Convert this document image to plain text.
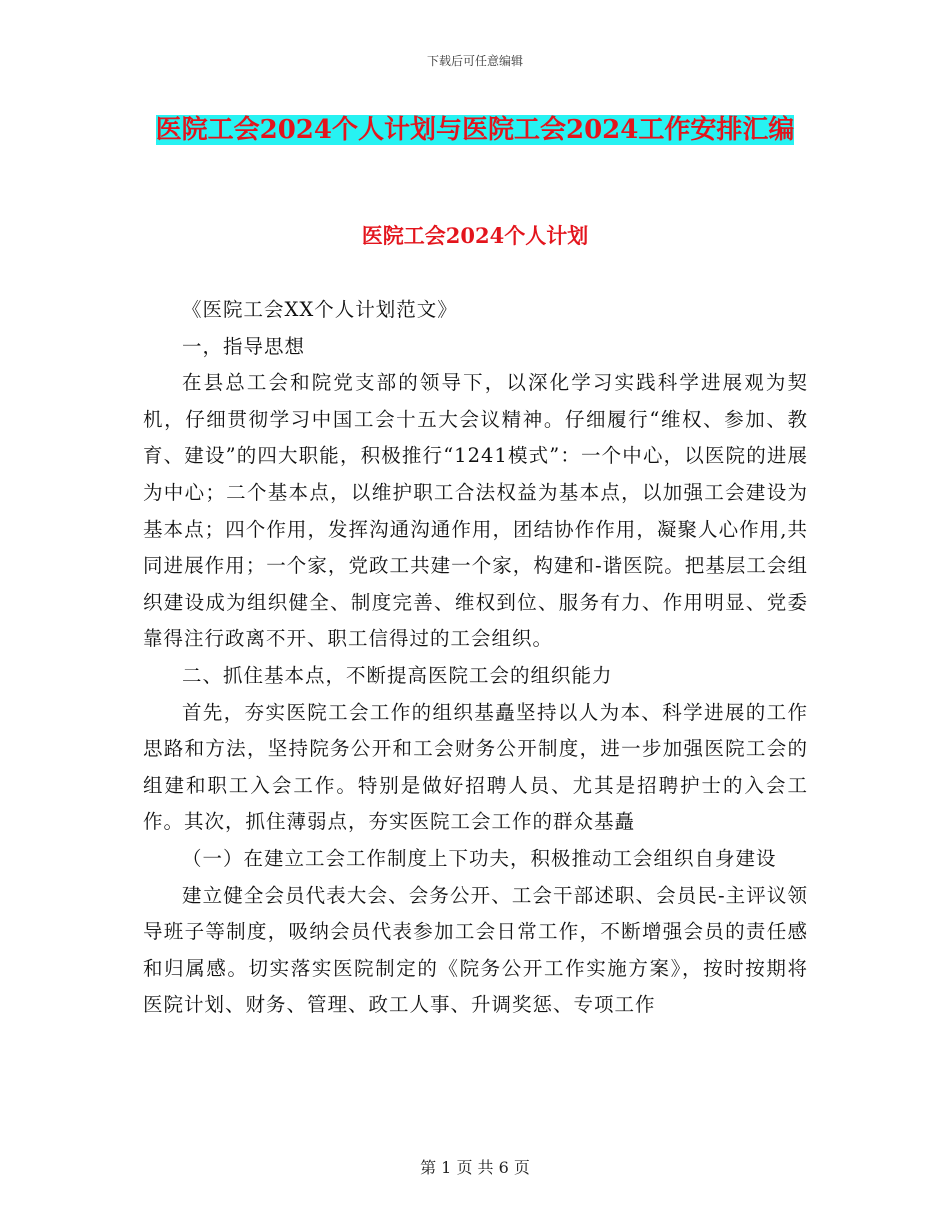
下载后可任意编辑
医院工会2024个人计划与医院工会2024工作安排汇编
医院工会2024个人计划

《医院工会XX个人计划范文》

一，指导思想

在县总工会和院党支部的领导下，以深化学习实践科学进展观为契机，仔细贯彻学习中国工会十五大会议精神。仔细履行“维权、参加、教育、建设”的四大职能，积极推行“1241模式”：一个中心，以医院的进展为中心；二个基本点，以维护职工合法权益为基本点，以加强工会建设为基本点；四个作用，发挥沟通沟通作用，团结协作作用，凝聚人心作用,共同进展作用；一个家，党政工共建一个家，构建和-谐医院。把基层工会组织建设成为组织健全、制度完善、维权到位、服务有力、作用明显、党委靠得注行政离不开、职工信得过的工会组织。

二、抓住基本点，不断提高医院工会的组织能力

首先，夯实医院工会工作的组织基矗坚持以人为本、科学进展的工作思路和方法，坚持院务公开和工会财务公开制度，进一步加强医院工会的组建和职工入会工作。特别是做好招聘人员、尤其是招聘护士的入会工作。其次，抓住薄弱点，夯实医院工会工作的群众基矗

（一）在建立工会工作制度上下功夫，积极推动工会组织自身建设

建立健全会员代表大会、会务公开、工会干部述职、会员民-主评议领导班子等制度，吸纳会员代表参加工会日常工作，不断增强会员的责任感和归属感。切实落实医院制定的《院务公开工作实施方案》，按时按期将医院计划、财务、管理、政工人事、升调奖惩、专项工作

第 1 页 共 6 页
